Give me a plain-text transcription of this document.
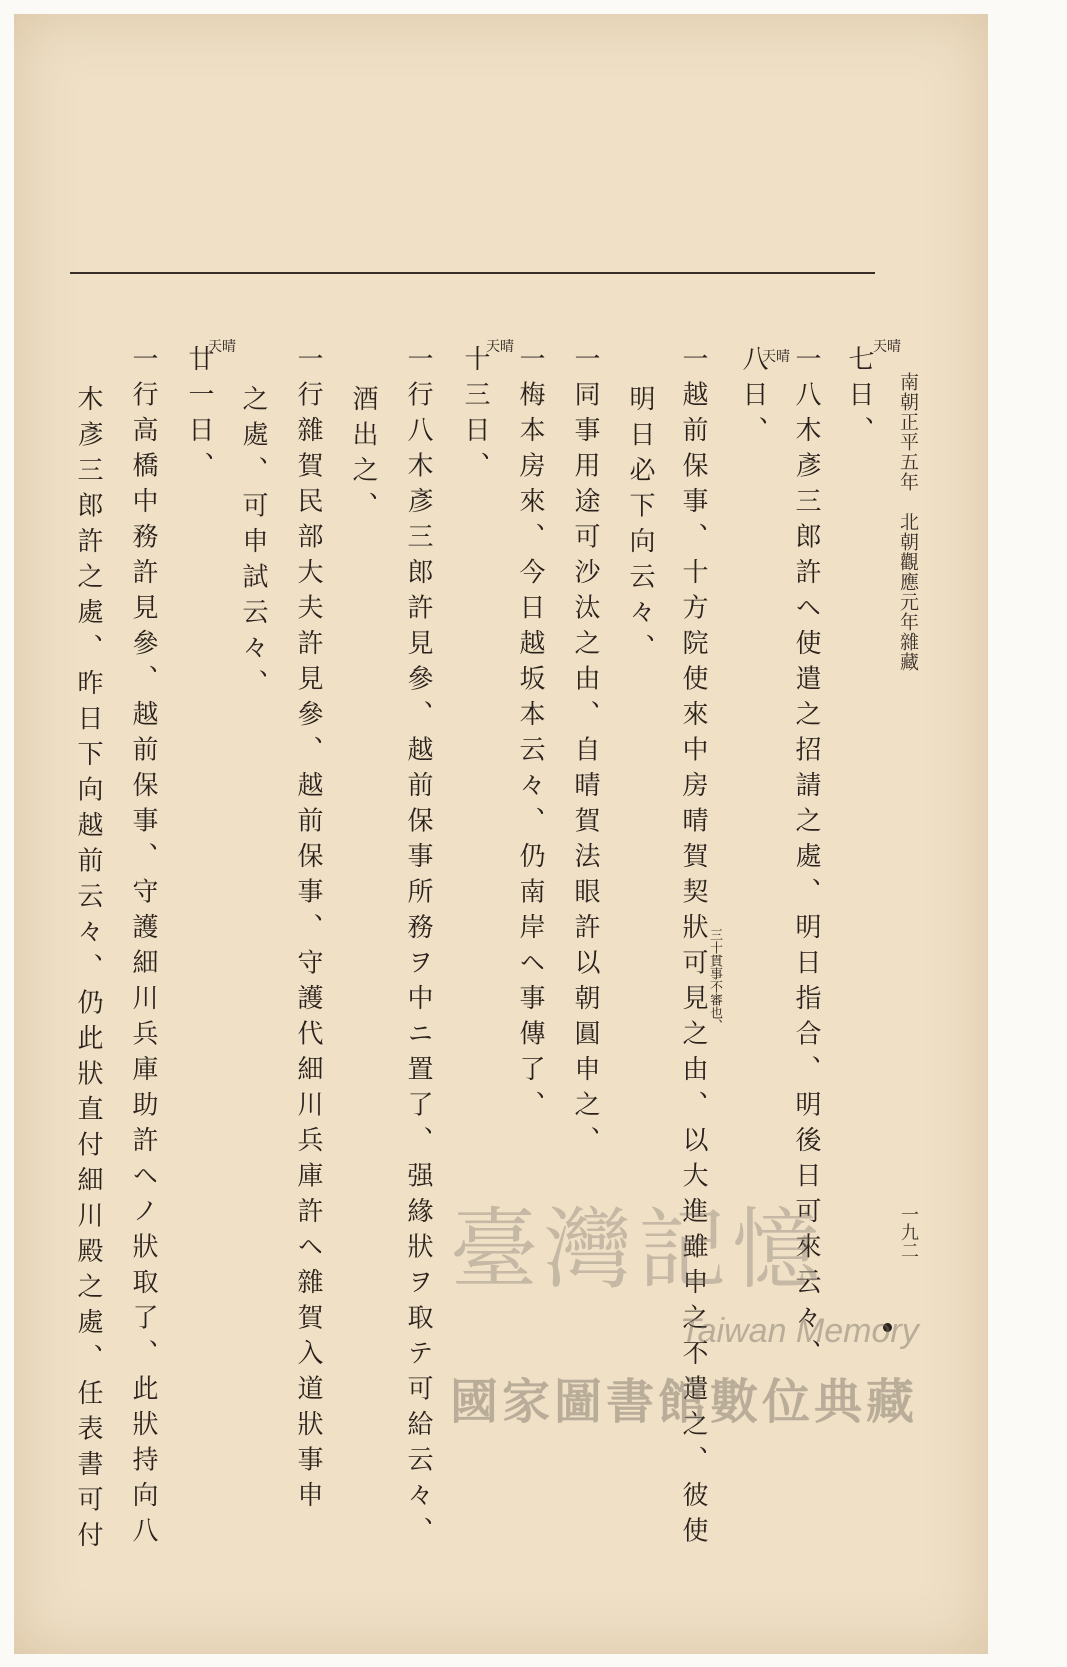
南朝正平五年　北朝觀應元年雜藏
七日、
一八木彥三郎許ヘ使遣之招請之處、明日指合、明後日可來云々、
八日、
一越前保事、十方院使來中房晴賀契狀可見之由、以大進雖申之不遣之、彼使
明日必下向云々、
一同事用途可沙汰之由、自晴賀法眼許以朝圓申之、
一梅本房來、今日越坂本云々、仍南岸ヘ事傳了、
十三日、
一行八木彥三郎許見參、越前保事所務ヲ中ニ置了、强緣狀ヲ取テ可給云々、
酒出之、
一行雜賀民部大夫許見參、越前保事、守護代細川兵庫許ヘ雜賀入道狀事申
之處、可申試云々、
廿一日、
一行高橋中務許見參、越前保事、守護細川兵庫助許ヘノ狀取了、此狀持向八
木彥三郎許之處、昨日下向越前云々、仍此狀直付細川殿之處、任表書可付
天晴
天晴
天晴
天晴
三十貫事不審也、
一九二
臺灣記憶
Taiwan Memory
國家圖書館數位典藏
